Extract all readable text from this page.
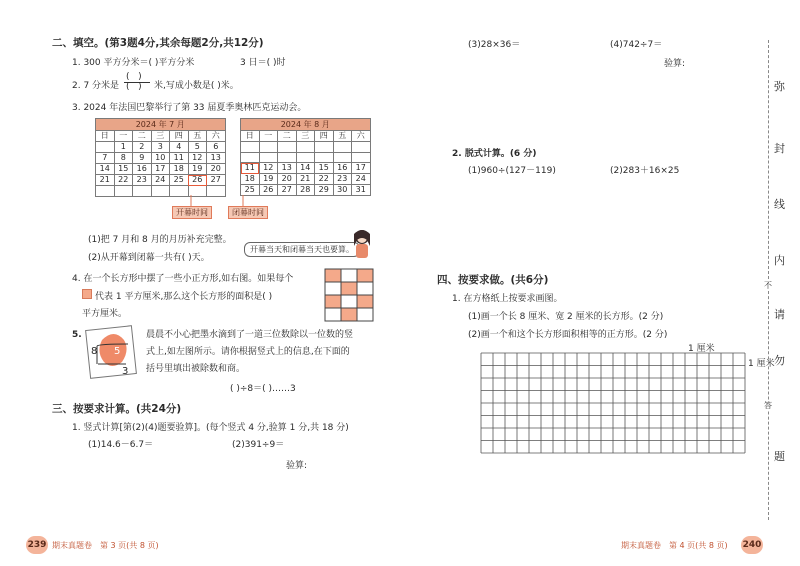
二、填空。(第3题4分,其余每题2分,共12分)
1. 300 平方分米＝( )平方分米	3 日＝( )时
2. 7 分米是
(   )
(   ) 米,写成小数是( )米。
3. 2024 年法国巴黎举行了第 33 届夏季奥林匹克运动会。
2024 年 7 月						
日	一	二	三	四	五	六
	1	2	3	4	5	6
7	8	9	10	11	12	13
14	15	16	17	18	19	20
21	22	23	24	25	26	27

2024 年 8 月						
日	一	二	三	四	五	六

11	12	13	14	15	16	17
18	19	20	21	22	23	24
25	26	27	28	29	30	31
开幕时间	闭幕时间
(1)把 7 月和 8 月的月历补充完整。
(2)从开幕到闭幕一共有( )天。
开幕当天和闭幕当天也要算。
4. 在一个长方形中摆了一些小正方形,如右图。如果每个
代表 1 平方厘米,那么这个长方形的面积是( )
平方厘米。
5.
8 5
3
晨晨不小心把墨水滴到了一道三位数除以一位数的竖
式上,如左图所示。请你根据竖式上的信息,在下面的
括号里填出被除数和商。
( )÷8＝( )……3
三、按要求计算。(共24分)
1. 竖式计算[第(2)(4)题要验算]。(每个竖式 4 分,验算 1 分,共 18 分)
(1)14.6－6.7＝	(2)391÷9＝
验算:
239 期末真题卷　第 3 页(共 8 页)
(3)28×36＝	(4)742÷7＝
验算:
2. 脱式计算。(6 分)
(1)960÷(127－119)	(2)283＋16×25
四、按要求做。(共6分)
1. 在方格纸上按要求画图。
(1)画一个长 8 厘米、宽 2 厘米的长方形。(2 分)
(2)画一个和这个长方形面积相等的正方形。(2 分)
1 厘米
1 厘米
期末真题卷　第 4 页(共 8 页) 240
弥
封
线
内
不
请
勿
答
题
